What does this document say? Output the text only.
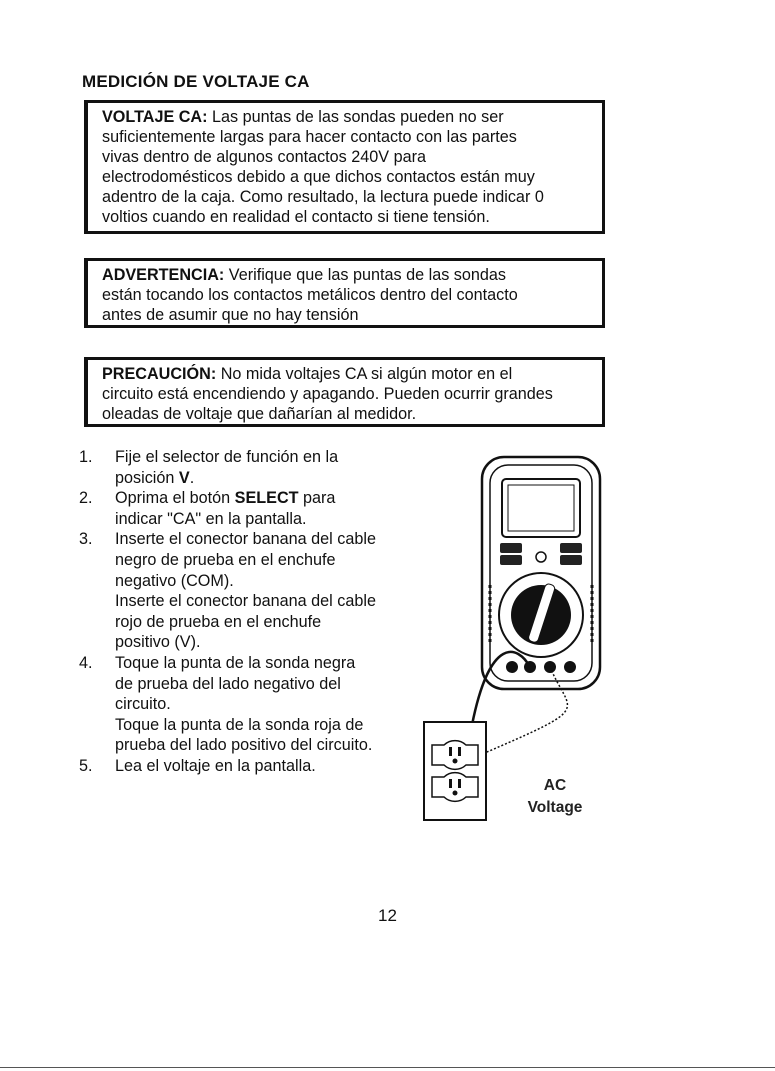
MEDICIÓN DE VOLTAJE CA
VOLTAJE CA: Las puntas de las sondas pueden no ser
suficientemente largas para hacer contacto con las partes
vivas dentro de algunos contactos 240V para
electrodomésticos debido a que dichos contactos están muy
adentro de la caja. Como resultado, la lectura puede indicar 0
voltios cuando en realidad el contacto si tiene tensión.
ADVERTENCIA: Verifique que las puntas de las sondas
están tocando los contactos metálicos dentro del contacto
antes de asumir que no hay tensión
PRECAUCIÓN: No mida voltajes CA si algún motor en el
circuito está encendiendo y apagando. Pueden ocurrir grandes
oleadas de voltaje que dañarían al medidor.
1. Fije el selector de función en la
posición V.
2. Oprima el botón SELECT para
indicar "CA" en la pantalla.
3. Inserte el conector banana del cable
negro de prueba en el enchufe
negativo (COM).
Inserte el conector banana del cable
rojo de prueba en el enchufe
positivo (V).
4. Toque la punta de la sonda negra
de prueba del lado negativo del
circuito.
Toque la punta de la sonda roja de
prueba del lado positivo del circuito.
5. Lea el voltaje en la pantalla.
AC
Voltage
12
